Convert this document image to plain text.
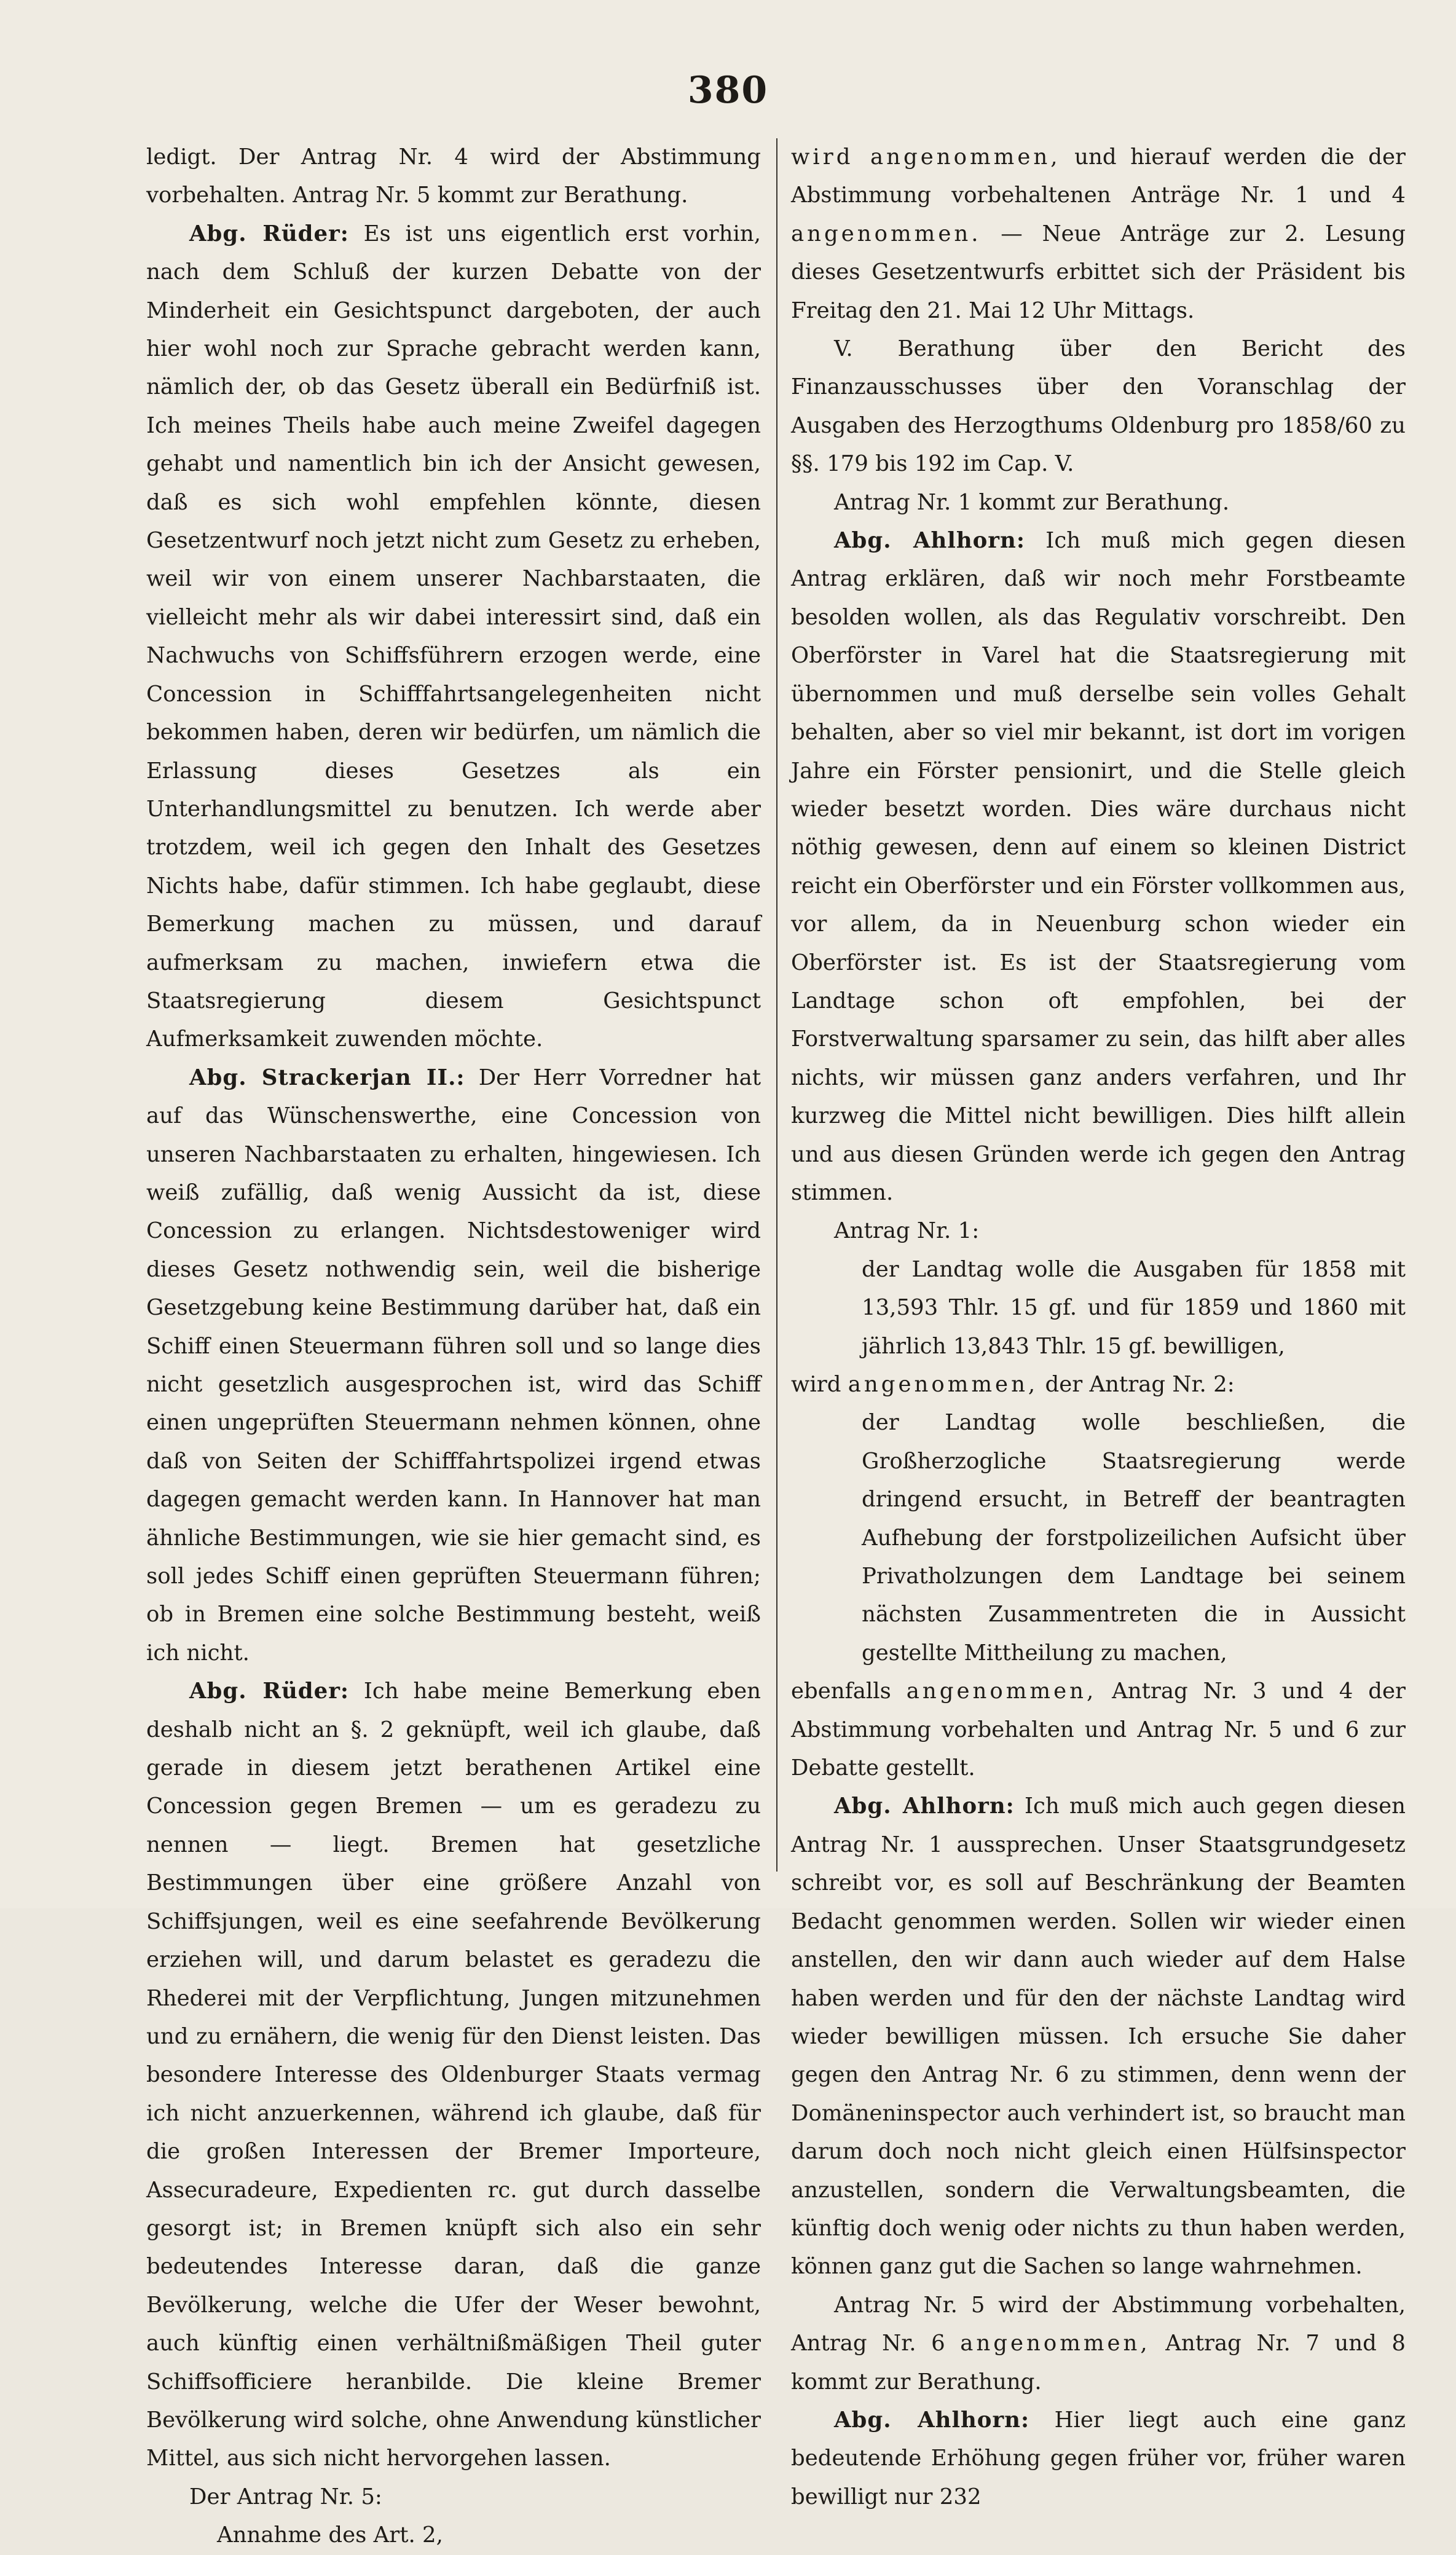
380

ledigt. Der Antrag Nr. 4 wird der Abstimmung vorbehalten. Antrag Nr. 5 kommt zur Berathung.

Abg. Rüder: Es ist uns eigentlich erst vorhin, nach dem Schluß der kurzen Debatte von der Minderheit ein Gesichtspunct dargeboten, der auch hier wohl noch zur Sprache gebracht werden kann, nämlich der, ob das Gesetz überall ein Bedürfniß ist. Ich meines Theils habe auch meine Zweifel dagegen gehabt und namentlich bin ich der Ansicht gewesen, daß es sich wohl empfehlen könnte, diesen Gesetzentwurf noch jetzt nicht zum Gesetz zu erheben, weil wir von einem unserer Nachbarstaaten, die vielleicht mehr als wir dabei interessirt sind, daß ein Nachwuchs von Schiffsführern erzogen werde, eine Concession in Schifffahrtsangelegenheiten nicht bekommen haben, deren wir bedürfen, um nämlich die Erlassung dieses Gesetzes als ein Unterhandlungsmittel zu benutzen. Ich werde aber trotzdem, weil ich gegen den Inhalt des Gesetzes Nichts habe, dafür stimmen. Ich habe geglaubt, diese Bemerkung machen zu müssen, und darauf aufmerksam zu machen, inwiefern etwa die Staatsregierung diesem Gesichtspunct Aufmerksamkeit zuwenden möchte.

Abg. Strackerjan II.: Der Herr Vorredner hat auf das Wünschenswerthe, eine Concession von unseren Nachbarstaaten zu erhalten, hingewiesen. Ich weiß zufällig, daß wenig Aussicht da ist, diese Concession zu erlangen. Nichtsdestoweniger wird dieses Gesetz nothwendig sein, weil die bisherige Gesetzgebung keine Bestimmung darüber hat, daß ein Schiff einen Steuermann führen soll und so lange dies nicht gesetzlich ausgesprochen ist, wird das Schiff einen ungeprüften Steuermann nehmen können, ohne daß von Seiten der Schifffahrtspolizei irgend etwas dagegen gemacht werden kann. In Hannover hat man ähnliche Bestimmungen, wie sie hier gemacht sind, es soll jedes Schiff einen geprüften Steuermann führen; ob in Bremen eine solche Bestimmung besteht, weiß ich nicht.

Abg. Rüder: Ich habe meine Bemerkung eben deshalb nicht an §. 2 geknüpft, weil ich glaube, daß gerade in diesem jetzt berathenen Artikel eine Concession gegen Bremen — um es geradezu zu nennen — liegt. Bremen hat gesetzliche Bestimmungen über eine größere Anzahl von Schiffsjungen, weil es eine seefahrende Bevölkerung erziehen will, und darum belastet es geradezu die Rhederei mit der Verpflichtung, Jungen mitzunehmen und zu ernähern, die wenig für den Dienst leisten. Das besondere Interesse des Oldenburger Staats vermag ich nicht anzuerkennen, während ich glaube, daß für die großen Interessen der Bremer Importeure, Assecuradeure, Expedienten rc. gut durch dasselbe gesorgt ist; in Bremen knüpft sich also ein sehr bedeutendes Interesse daran, daß die ganze Bevölkerung, welche die Ufer der Weser bewohnt, auch künftig einen verhältnißmäßigen Theil guter Schiffsofficiere heranbilde. Die kleine Bremer Bevölkerung wird solche, ohne Anwendung künstlicher Mittel, aus sich nicht hervorgehen lassen.

Der Antrag Nr. 5:

Annahme des Art. 2,

wird angenommen, und hierauf werden die der Abstimmung vorbehaltenen Anträge Nr. 1 und 4 angenommen. — Neue Anträge zur 2. Lesung dieses Gesetzentwurfs erbittet sich der Präsident bis Freitag den 21. Mai 12 Uhr Mittags.

V. Berathung über den Bericht des Finanzausschusses über den Voranschlag der Ausgaben des Herzogthums Oldenburg pro 1858/60 zu §§. 179 bis 192 im Cap. V.

Antrag Nr. 1 kommt zur Berathung.

Abg. Ahlhorn: Ich muß mich gegen diesen Antrag erklären, daß wir noch mehr Forstbeamte besolden wollen, als das Regulativ vorschreibt. Den Oberförster in Varel hat die Staatsregierung mit übernommen und muß derselbe sein volles Gehalt behalten, aber so viel mir bekannt, ist dort im vorigen Jahre ein Förster pensionirt, und die Stelle gleich wieder besetzt worden. Dies wäre durchaus nicht nöthig gewesen, denn auf einem so kleinen District reicht ein Oberförster und ein Förster vollkommen aus, vor allem, da in Neuenburg schon wieder ein Oberförster ist. Es ist der Staatsregierung vom Landtage schon oft empfohlen, bei der Forstverwaltung sparsamer zu sein, das hilft aber alles nichts, wir müssen ganz anders verfahren, und Ihr kurzweg die Mittel nicht bewilligen. Dies hilft allein und aus diesen Gründen werde ich gegen den Antrag stimmen.

Antrag Nr. 1:

der Landtag wolle die Ausgaben für 1858 mit 13,593 Thlr. 15 gf. und für 1859 und 1860 mit jährlich 13,843 Thlr. 15 gf. bewilligen,

wird angenommen, der Antrag Nr. 2:

der Landtag wolle beschließen, die Großherzogliche Staatsregierung werde dringend ersucht, in Betreff der beantragten Aufhebung der forstpolizeilichen Aufsicht über Privatholzungen dem Landtage bei seinem nächsten Zusammentreten die in Aussicht gestellte Mittheilung zu machen,

ebenfalls angenommen, Antrag Nr. 3 und 4 der Abstimmung vorbehalten und Antrag Nr. 5 und 6 zur Debatte gestellt.

Abg. Ahlhorn: Ich muß mich auch gegen diesen Antrag Nr. 1 aussprechen. Unser Staatsgrundgesetz schreibt vor, es soll auf Beschränkung der Beamten Bedacht genommen werden. Sollen wir wieder einen anstellen, den wir dann auch wieder auf dem Halse haben werden und für den der nächste Landtag wird wieder bewilligen müssen. Ich ersuche Sie daher gegen den Antrag Nr. 6 zu stimmen, denn wenn der Domäneninspector auch verhindert ist, so braucht man darum doch noch nicht gleich einen Hülfsinspector anzustellen, sondern die Verwaltungsbeamten, die künftig doch wenig oder nichts zu thun haben werden, können ganz gut die Sachen so lange wahrnehmen.

Antrag Nr. 5 wird der Abstimmung vorbehalten, Antrag Nr. 6 angenommen, Antrag Nr. 7 und 8 kommt zur Berathung.

Abg. Ahlhorn: Hier liegt auch eine ganz bedeutende Erhöhung gegen früher vor, früher waren bewilligt nur 232
